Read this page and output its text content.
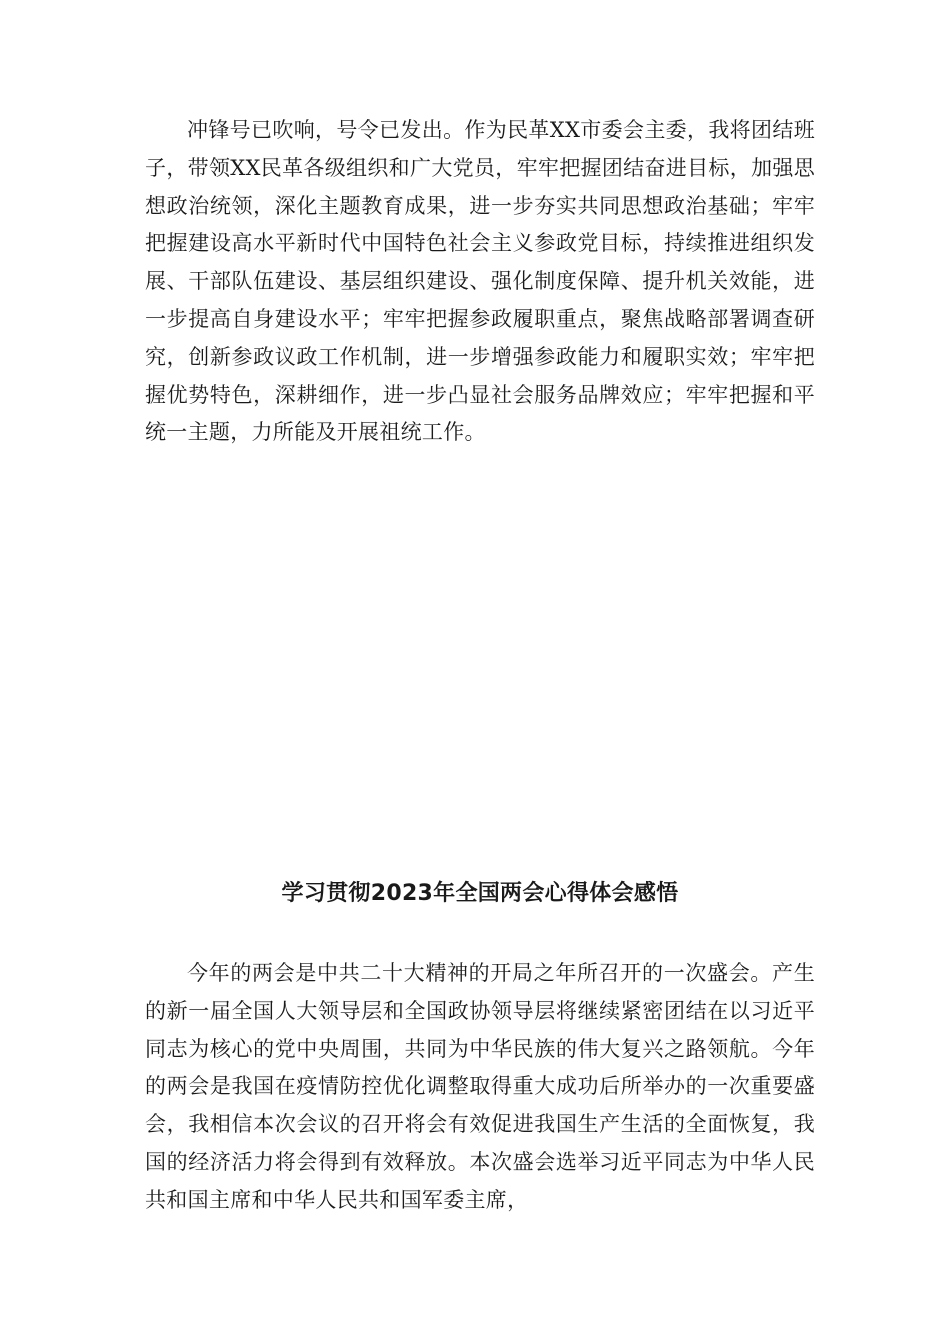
冲锋号已吹响，号令已发出。作为民革XX市委会主委，我将团结班子，带领XX民革各级组织和广大党员，牢牢把握团结奋进目标，加强思想政治统领，深化主题教育成果，进一步夯实共同思想政治基础；牢牢把握建设高水平新时代中国特色社会主义参政党目标，持续推进组织发展、干部队伍建设、基层组织建设、强化制度保障、提升机关效能，进一步提高自身建设水平；牢牢把握参政履职重点，聚焦战略部署调查研究，创新参政议政工作机制，进一步增强参政能力和履职实效；牢牢把握优势特色，深耕细作，进一步凸显社会服务品牌效应；牢牢把握和平统一主题，力所能及开展祖统工作。

学习贯彻2023年全国两会心得体会感悟

今年的两会是中共二十大精神的开局之年所召开的一次盛会。产生的新一届全国人大领导层和全国政协领导层将继续紧密团结在以习近平同志为核心的党中央周围，共同为中华民族的伟大复兴之路领航。今年的两会是我国在疫情防控优化调整取得重大成功后所举办的一次重要盛会，我相信本次会议的召开将会有效促进我国生产生活的全面恢复，我国的经济活力将会得到有效释放。本次盛会选举习近平同志为中华人民共和国主席和中华人民共和国军委主席，
